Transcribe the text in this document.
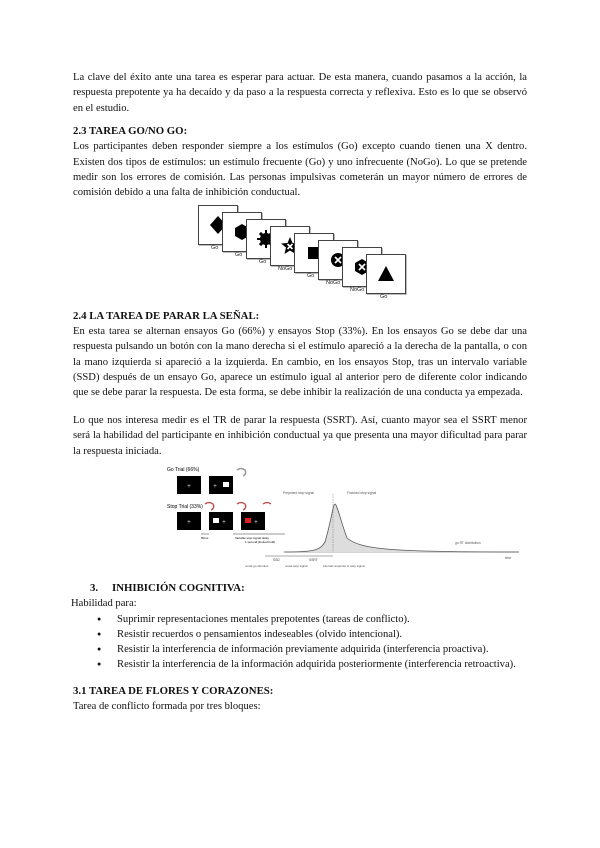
La clave del éxito ante una tarea es esperar para actuar. De esta manera, cuando pasamos a la acción, la respuesta prepotente ya ha decaído y da paso a la respuesta correcta y reflexiva. Esto es lo que se observó en el estudio.

2.3 TAREA GO/NO GO:

Los participantes deben responder siempre a los estímulos (Go) excepto cuando tienen una X dentro. Existen dos tipos de estímulos: un estímulo frecuente (Go) y uno infrecuente (NoGo). Lo que se pretende medir son los errores de comisión. Las personas impulsivas cometerán un mayor número de errores de comisión debido a una falta de inhibición conductual.

Go
Go
Go
NoGo
Go
NoGo
NoGo
Go
2.4 LA TAREA DE PARAR LA SEÑAL:

En esta tarea se alternan ensayos Go (66%) y ensayos Stop (33%). En los ensayos Go se debe dar una respuesta pulsando un botón con la mano derecha si el estímulo apareció a la derecha de la pantalla, o con la mano izquierda si apareció a la izquierda. En cambio, en los ensayos Stop, tras un intervalo variable (SSD) después de un ensayo Go, aparece un estímulo igual al anterior pero de diferente color indicando que se debe parar la respuesta. De esta forma, se debe inhibir la realización de una conducta ya empezada.

Lo que nos interesa medir es el TR de parar la respuesta (SSRT). Así, cuanto mayor sea el SSRT menor será la habilidad del participante en inhibición conductual ya que presenta una mayor dificultad para parar la respuesta iniciada.

Go Trial (66%)
+	+
Stop Trial (33%)
+	+	+
50ms	Variable stop signal delay
1 second (limited hold)
Prepotent stop signal	Finished stop signal
go RT distribution
time
SSD	SSRT
onset go stimulus	onset stop signal	internal response to stop signal
3. INHIBICIÓN COGNITIVA:

Habilidad para:

● Suprimir representaciones mentales prepotentes (tareas de conflicto).
● Resistir recuerdos o pensamientos indeseables (olvido intencional).
● Resistir la interferencia de información previamente adquirida (interferencia proactiva).
● Resistir la interferencia de la información adquirida posteriormente (interferencia retroactiva).
3.1 TAREA DE FLORES Y CORAZONES:

Tarea de conflicto formada por tres bloques:
